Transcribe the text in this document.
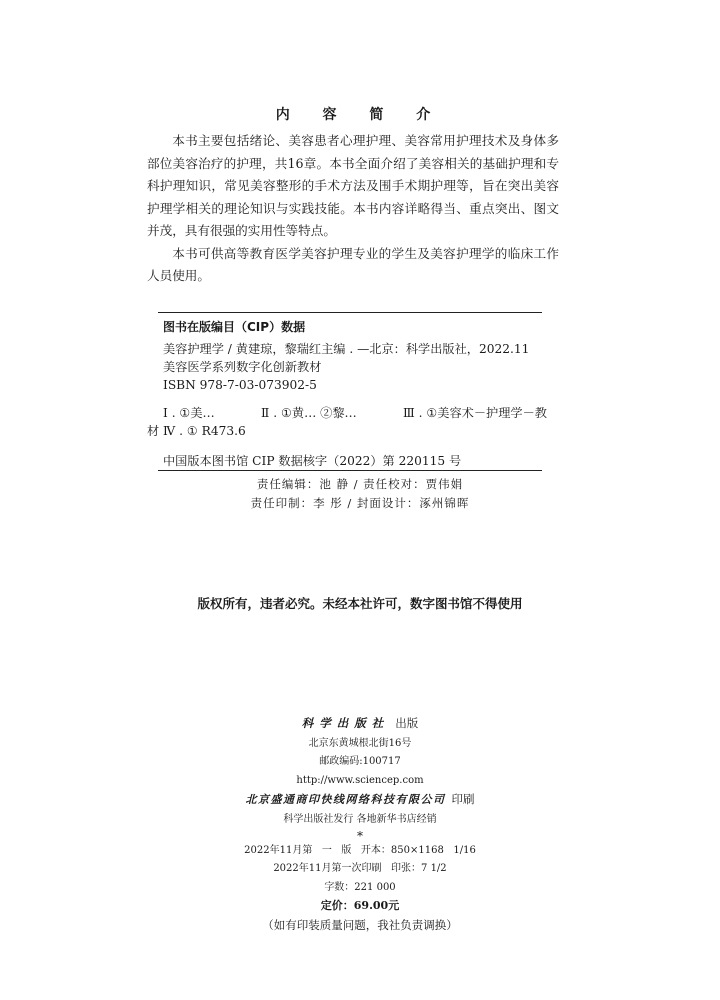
内 容 简 介

本书主要包括绪论、美容患者心理护理、美容常用护理技术及身体多部位美容治疗的护理，共16章。本书全面介绍了美容相关的基础护理和专科护理知识，常见美容整形的手术方法及围手术期护理等，旨在突出美容护理学相关的理论知识与实践技能。本书内容详略得当、重点突出、图文并茂，具有很强的实用性等特点。

本书可供高等教育医学美容护理专业的学生及美容护理学的临床工作人员使用。

图书在版编目（CIP）数据
美容护理学 / 黄建琼，黎瑞红主编 . —北京：科学出版社，2022.11
美容医学系列数字化创新教材
ISBN 978-7-03-073902-5
Ⅰ . ①美…	Ⅱ . ①黄… ②黎…	Ⅲ . ①美容术－护理学－教
材 Ⅳ . ① R473.6
中国版本图书馆 CIP 数据核字（2022）第 220115 号
责任编辑：池 静 / 责任校对：贾伟娟
责任印制：李 彤 / 封面设计：涿州锦晖
版权所有，违者必究。未经本社许可，数字图书馆不得使用
科学出版社 出版
北京东黄城根北街16号
邮政编码:100717
http://www.sciencep.com
北京盛通商印快线网络科技有限公司 印刷
科学出版社发行 各地新华书店经销
*
2022年11月第   一   版   开本：850×1168   1/16
2022年11月第一次印刷   印张：7 1/2
字数：221 000
定价：69.00元
（如有印装质量问题，我社负责调换）
